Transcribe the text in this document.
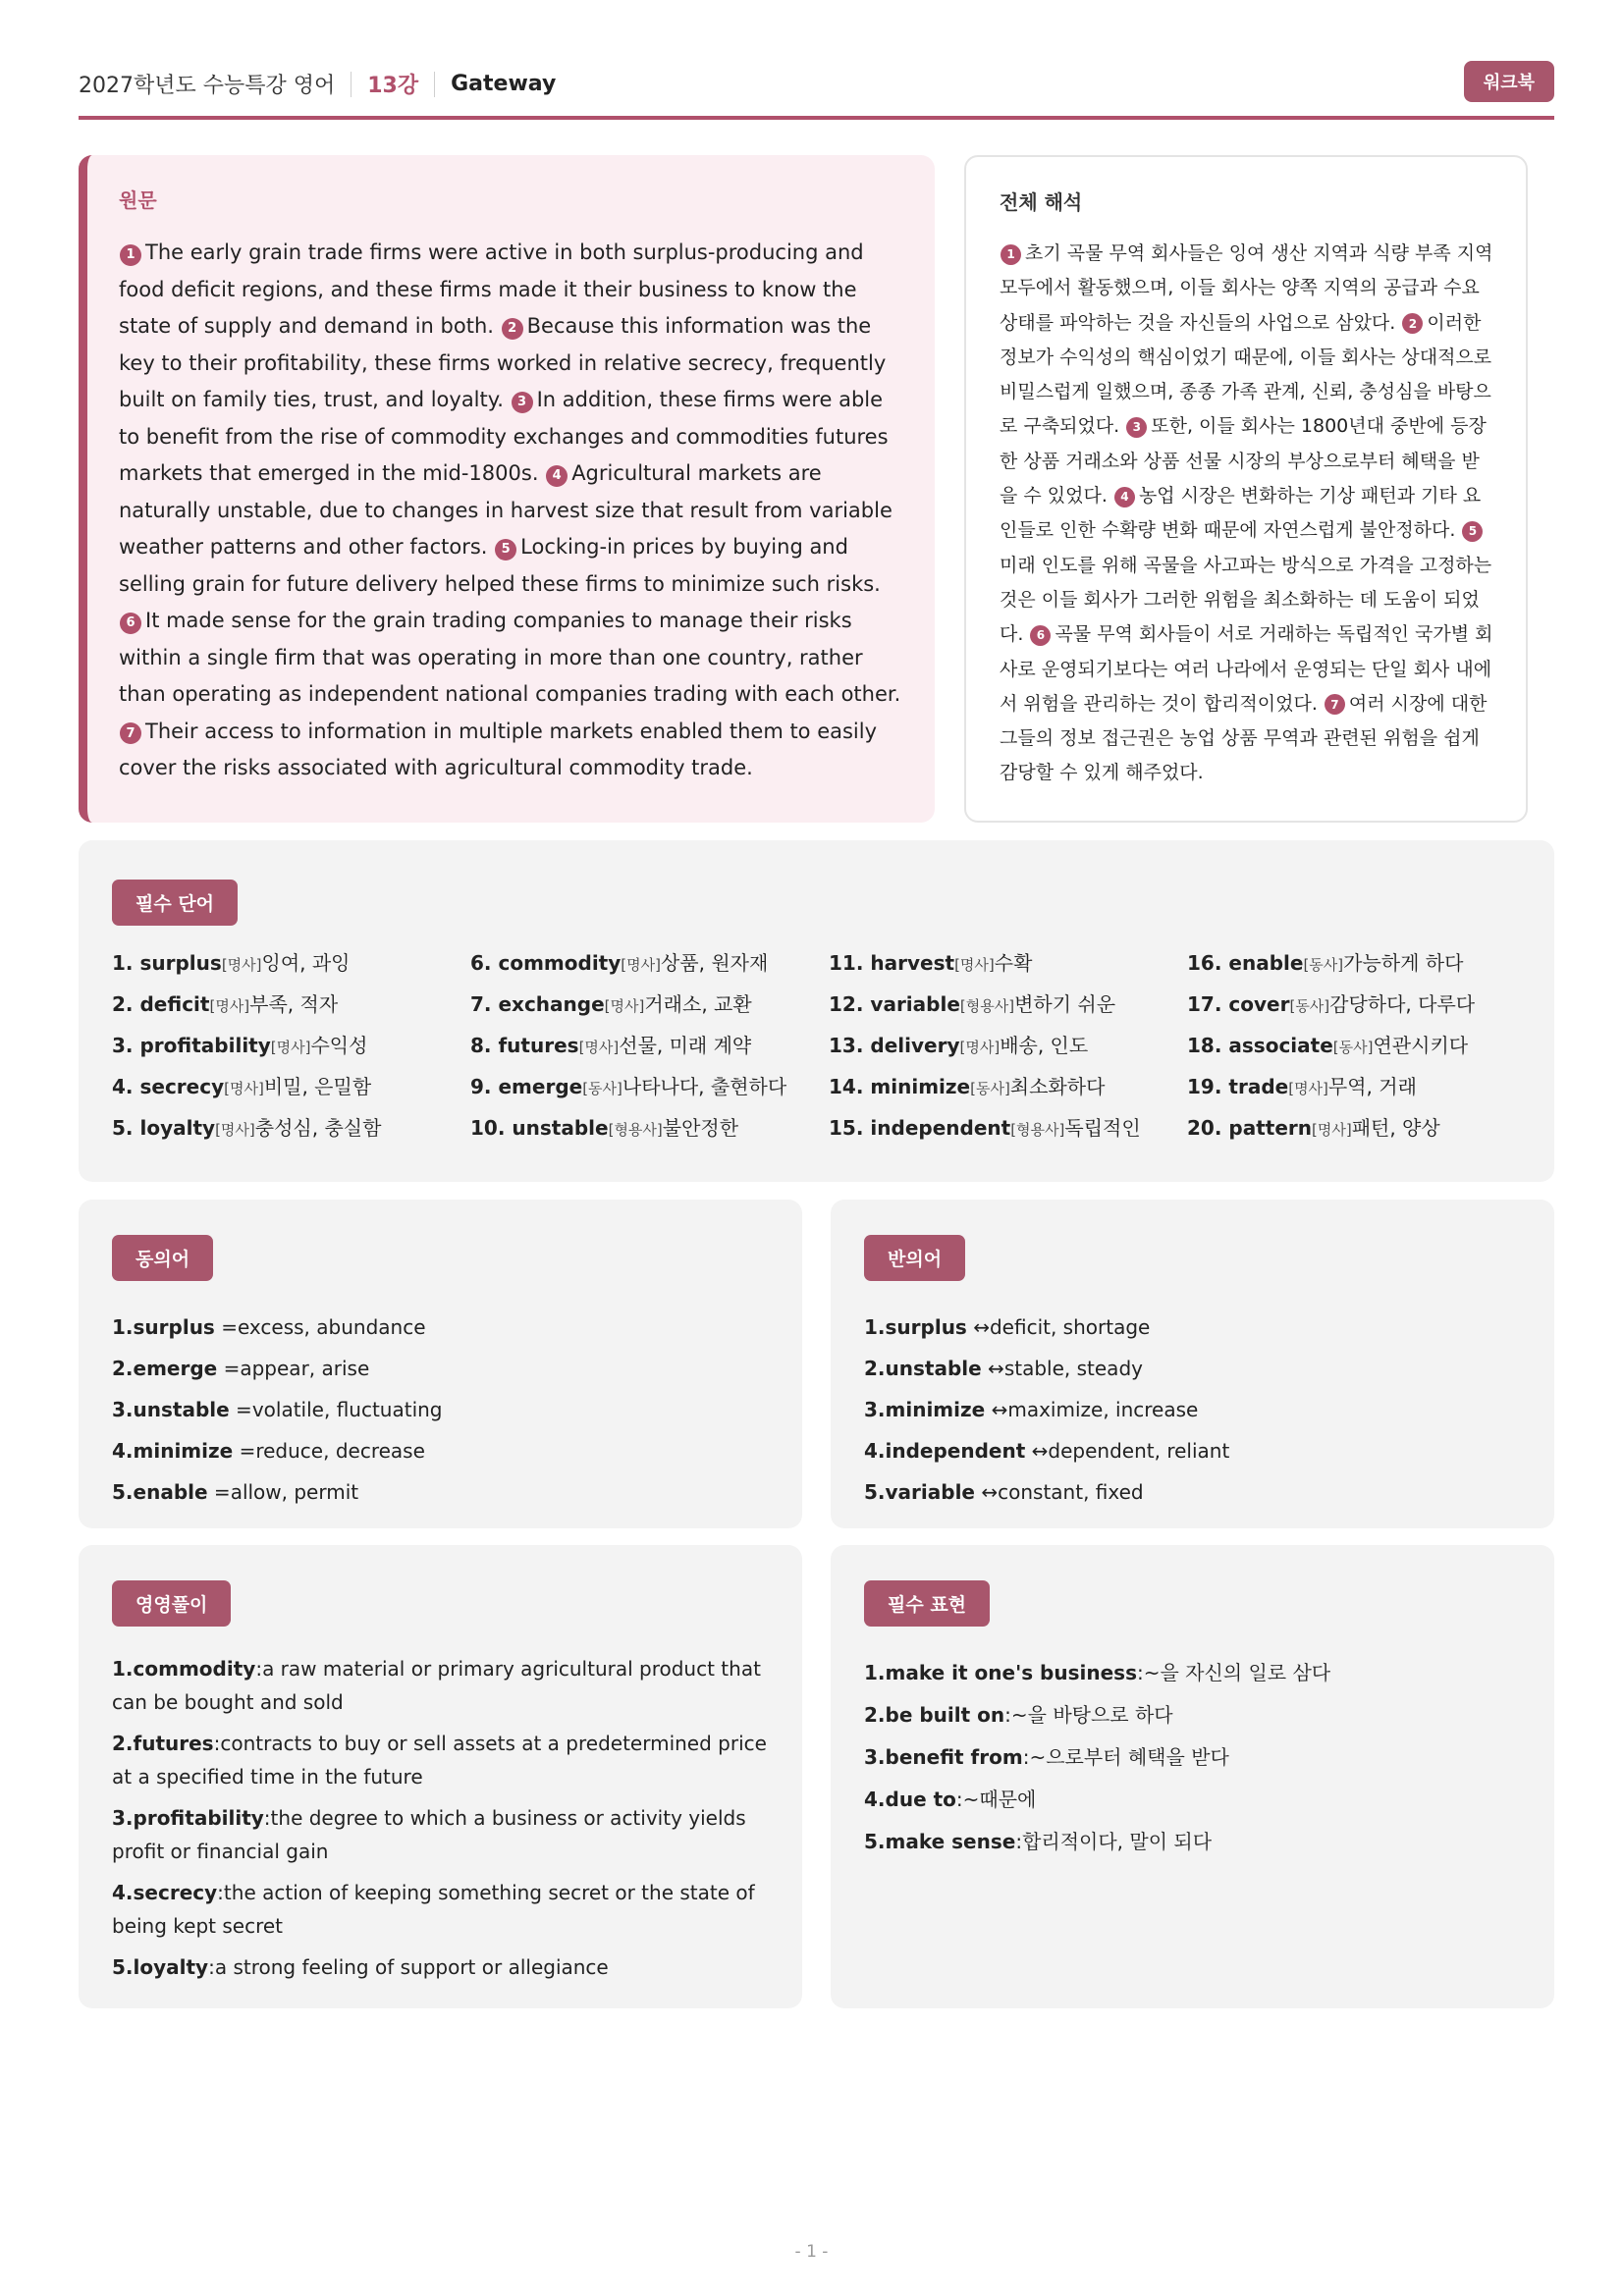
2027학년도 수능특강 영어 13강 Gateway	워크북
원문
1 The early grain trade firms were active in both surplus-producing and food deficit regions, and these firms made it their business to know the state of supply and demand in both. 2 Because this information was the key to their profitability, these firms worked in relative secrecy, frequently built on family ties, trust, and loyalty. 3 In addition, these firms were able to benefit from the rise of commodity exchanges and commodities futures markets that emerged in the mid-1800s. 4 Agricultural markets are naturally unstable, due to changes in harvest size that result from variable weather patterns and other factors. 5 Locking-in prices by buying and selling grain for future delivery helped these firms to minimize such risks. 6 It made sense for the grain trading companies to manage their risks within a single firm that was operating in more than one country, rather than operating as independent national companies trading with each other. 7 Their access to information in multiple markets enabled them to easily cover the risks associated with agricultural commodity trade.
전체 해석
1 초기 곡물 무역 회사들은 잉여 생산 지역과 식량 부족 지역 모두에서 활동했으며, 이들 회사는 양쪽 지역의 공급과 수요 상태를 파악하는 것을 자신들의 사업으로 삼았다. 2 이러한 정보가 수익성의 핵심이었기 때문에, 이들 회사는 상대적으로 비밀스럽게 일했으며, 종종 가족 관계, 신뢰, 충성심을 바탕으로 구축되었다. 3 또한, 이들 회사는 1800년대 중반에 등장한 상품 거래소와 상품 선물 시장의 부상으로부터 혜택을 받을 수 있었다. 4 농업 시장은 변화하는 기상 패턴과 기타 요인들로 인한 수확량 변화 때문에 자연스럽게 불안정하다. 5미래 인도를 위해 곡물을 사고파는 방식으로 가격을 고정하는 것은 이들 회사가 그러한 위험을 최소화하는 데 도움이 되었다. 6 곡물 무역 회사들이 서로 거래하는 독립적인 국가별 회사로 운영되기보다는 여러 나라에서 운영되는 단일 회사 내에서 위험을 관리하는 것이 합리적이었다. 7 여러 시장에 대한 그들의 정보 접근권은 농업 상품 무역과 관련된 위험을 쉽게 감당할 수 있게 해주었다.
필수 단어
1. surplus[명사]잉여, 과잉
2. deficit[명사]부족, 적자
3. profitability[명사]수익성
4. secrecy[명사]비밀, 은밀함
5. loyalty[명사]충성심, 충실함
6. commodity[명사]상품, 원자재
7. exchange[명사]거래소, 교환
8. futures[명사]선물, 미래 계약
9. emerge[동사]나타나다, 출현하다
10. unstable[형용사]불안정한
11. harvest[명사]수확
12. variable[형용사]변하기 쉬운
13. delivery[명사]배송, 인도
14. minimize[동사]최소화하다
15. independent[형용사]독립적인
16. enable[동사]가능하게 하다
17. cover[동사]감당하다, 다루다
18. associate[동사]연관시키다
19. trade[명사]무역, 거래
20. pattern[명사]패턴, 양상
동의어
1.surplus =excess, abundance
2.emerge =appear, arise
3.unstable =volatile, fluctuating
4.minimize =reduce, decrease
5.enable =allow, permit
반의어
1.surplus ↔deficit, shortage
2.unstable ↔stable, steady
3.minimize ↔maximize, increase
4.independent ↔dependent, reliant
5.variable ↔constant, fixed
영영풀이
1.commodity:a raw material or primary agricultural product that can be bought and sold
2.futures:contracts to buy or sell assets at a predetermined price at a specified time in the future
3.profitability:the degree to which a business or activity yields profit or financial gain
4.secrecy:the action of keeping something secret or the state of being kept secret
5.loyalty:a strong feeling of support or allegiance
필수 표현
1.make it one's business:~을 자신의 일로 삼다
2.be built on:~을 바탕으로 하다
3.benefit from:~으로부터 혜택을 받다
4.due to:~때문에
5.make sense:합리적이다, 말이 되다
- 1 -
